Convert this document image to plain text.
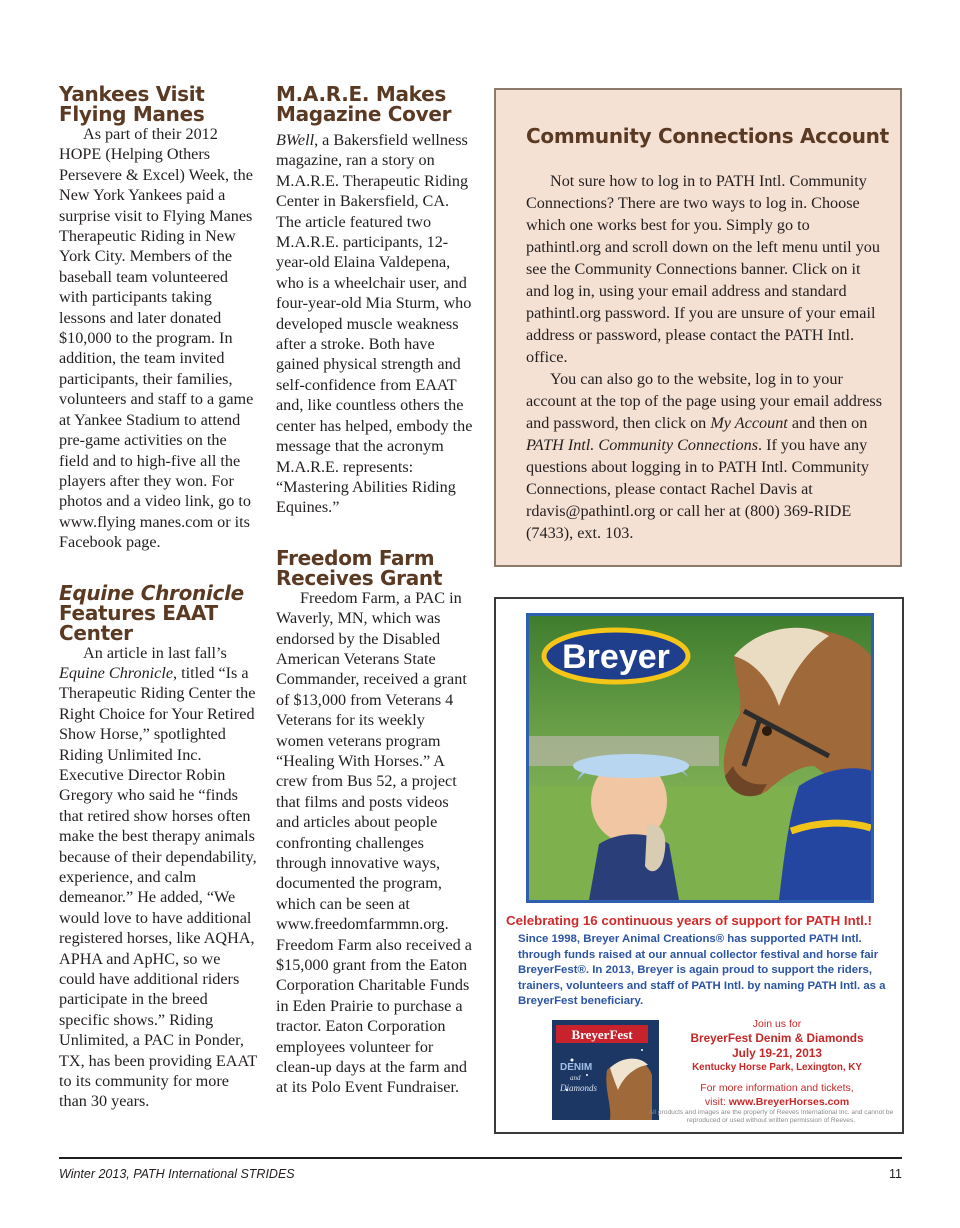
Yankees Visit
Flying Manes

As part of their 2012 HOPE (Helping Others Persevere & Excel) Week, the New York Yankees paid a surprise visit to Flying Manes Therapeutic Riding in New York City. Members of the baseball team volunteered with participants taking lessons and later donated $10,000 to the program. In addition, the team invited participants, their families, volunteers and staff to a game at Yankee Stadium to attend pre-game activities on the field and to high-five all the players after they won. For photos and a video link, go to www.flying manes.com or its Facebook page.

Equine Chronicle
Features EAAT
Center

An article in last fall’s Equine Chronicle, titled “Is a Therapeutic Riding Center the Right Choice for Your Retired Show Horse,” spotlighted Riding Unlimited Inc. Executive Director Robin Gregory who said he “finds that retired show horses often make the best therapy animals because of their dependability, experience, and calm demeanor.” He added, “We would love to have additional registered horses, like AQHA, APHA and ApHC, so we could have additional riders participate in the breed specific shows.” Riding Unlimited, a PAC in Ponder, TX, has been providing EAAT to its community for more than 30 years.

M.A.R.E. Makes
Magazine Cover

BWell, a Bakersfield wellness magazine, ran a story on M.A.R.E. Therapeutic Riding Center in Bakersfield, CA. The article featured two M.A.R.E. participants, 12-year-old Elaina Valdepena, who is a wheelchair user, and four-year-old Mia Sturm, who developed muscle weakness after a stroke. Both have gained physical strength and self-confidence from EAAT and, like countless others the center has helped, embody the message that the acronym M.A.R.E. represents: “Mastering Abilities Riding Equines.”

Freedom Farm
Receives Grant

Freedom Farm, a PAC in Waverly, MN, which was endorsed by the Disabled American Veterans State Commander, received a grant of $13,000 from Veterans 4 Veterans for its weekly women veterans program “Healing With Horses.” A crew from Bus 52, a project that films and posts videos and articles about people confronting challenges through innovative ways, documented the program, which can be seen at www.freedomfarmmn.org. Freedom Farm also received a $15,000 grant from the Eaton Corporation Charitable Funds in Eden Prairie to purchase a tractor. Eaton Corporation employees volunteer for clean-up days at the farm and at its Polo Event Fundraiser.

Community Connections Account

Not sure how to log in to PATH Intl. Community Connections? There are two ways to log in. Choose which one works best for you. Simply go to pathintl.org and scroll down on the left menu until you see the Community Connections banner. Click on it and log in, using your email address and standard pathintl.org password. If you are unsure of your email address or password, please contact the PATH Intl. office.

You can also go to the website, log in to your account at the top of the page using your email address and password, then click on My Account and then on PATH Intl. Community Connections. If you have any questions about logging in to PATH Intl. Community Connections, please contact Rachel Davis at rdavis@pathintl.org or call her at (800) 369-RIDE (7433), ext. 103.

Breyer
Celebrating 16 continuous years of support for PATH Intl.!
Since 1998, Breyer Animal Creations® has supported PATH Intl. through funds raised at our annual collector festival and horse fair BreyerFest®. In 2013, Breyer is again proud to support the riders, trainers, volunteers and staff of PATH Intl. by naming PATH Intl. as a BreyerFest beneficiary.
BreyerFest
DENIM
and
Diamonds
Join us for
BreyerFest Denim & Diamonds
July 19-21, 2013
Kentucky Horse Park, Lexington, KY
For more information and tickets,
visit: www.BreyerHorses.com
All products and images are the property of Reeves International Inc. and cannot be reproduced or used without written permission of Reeves.
Winter 2013, PATH International STRIDES	11
